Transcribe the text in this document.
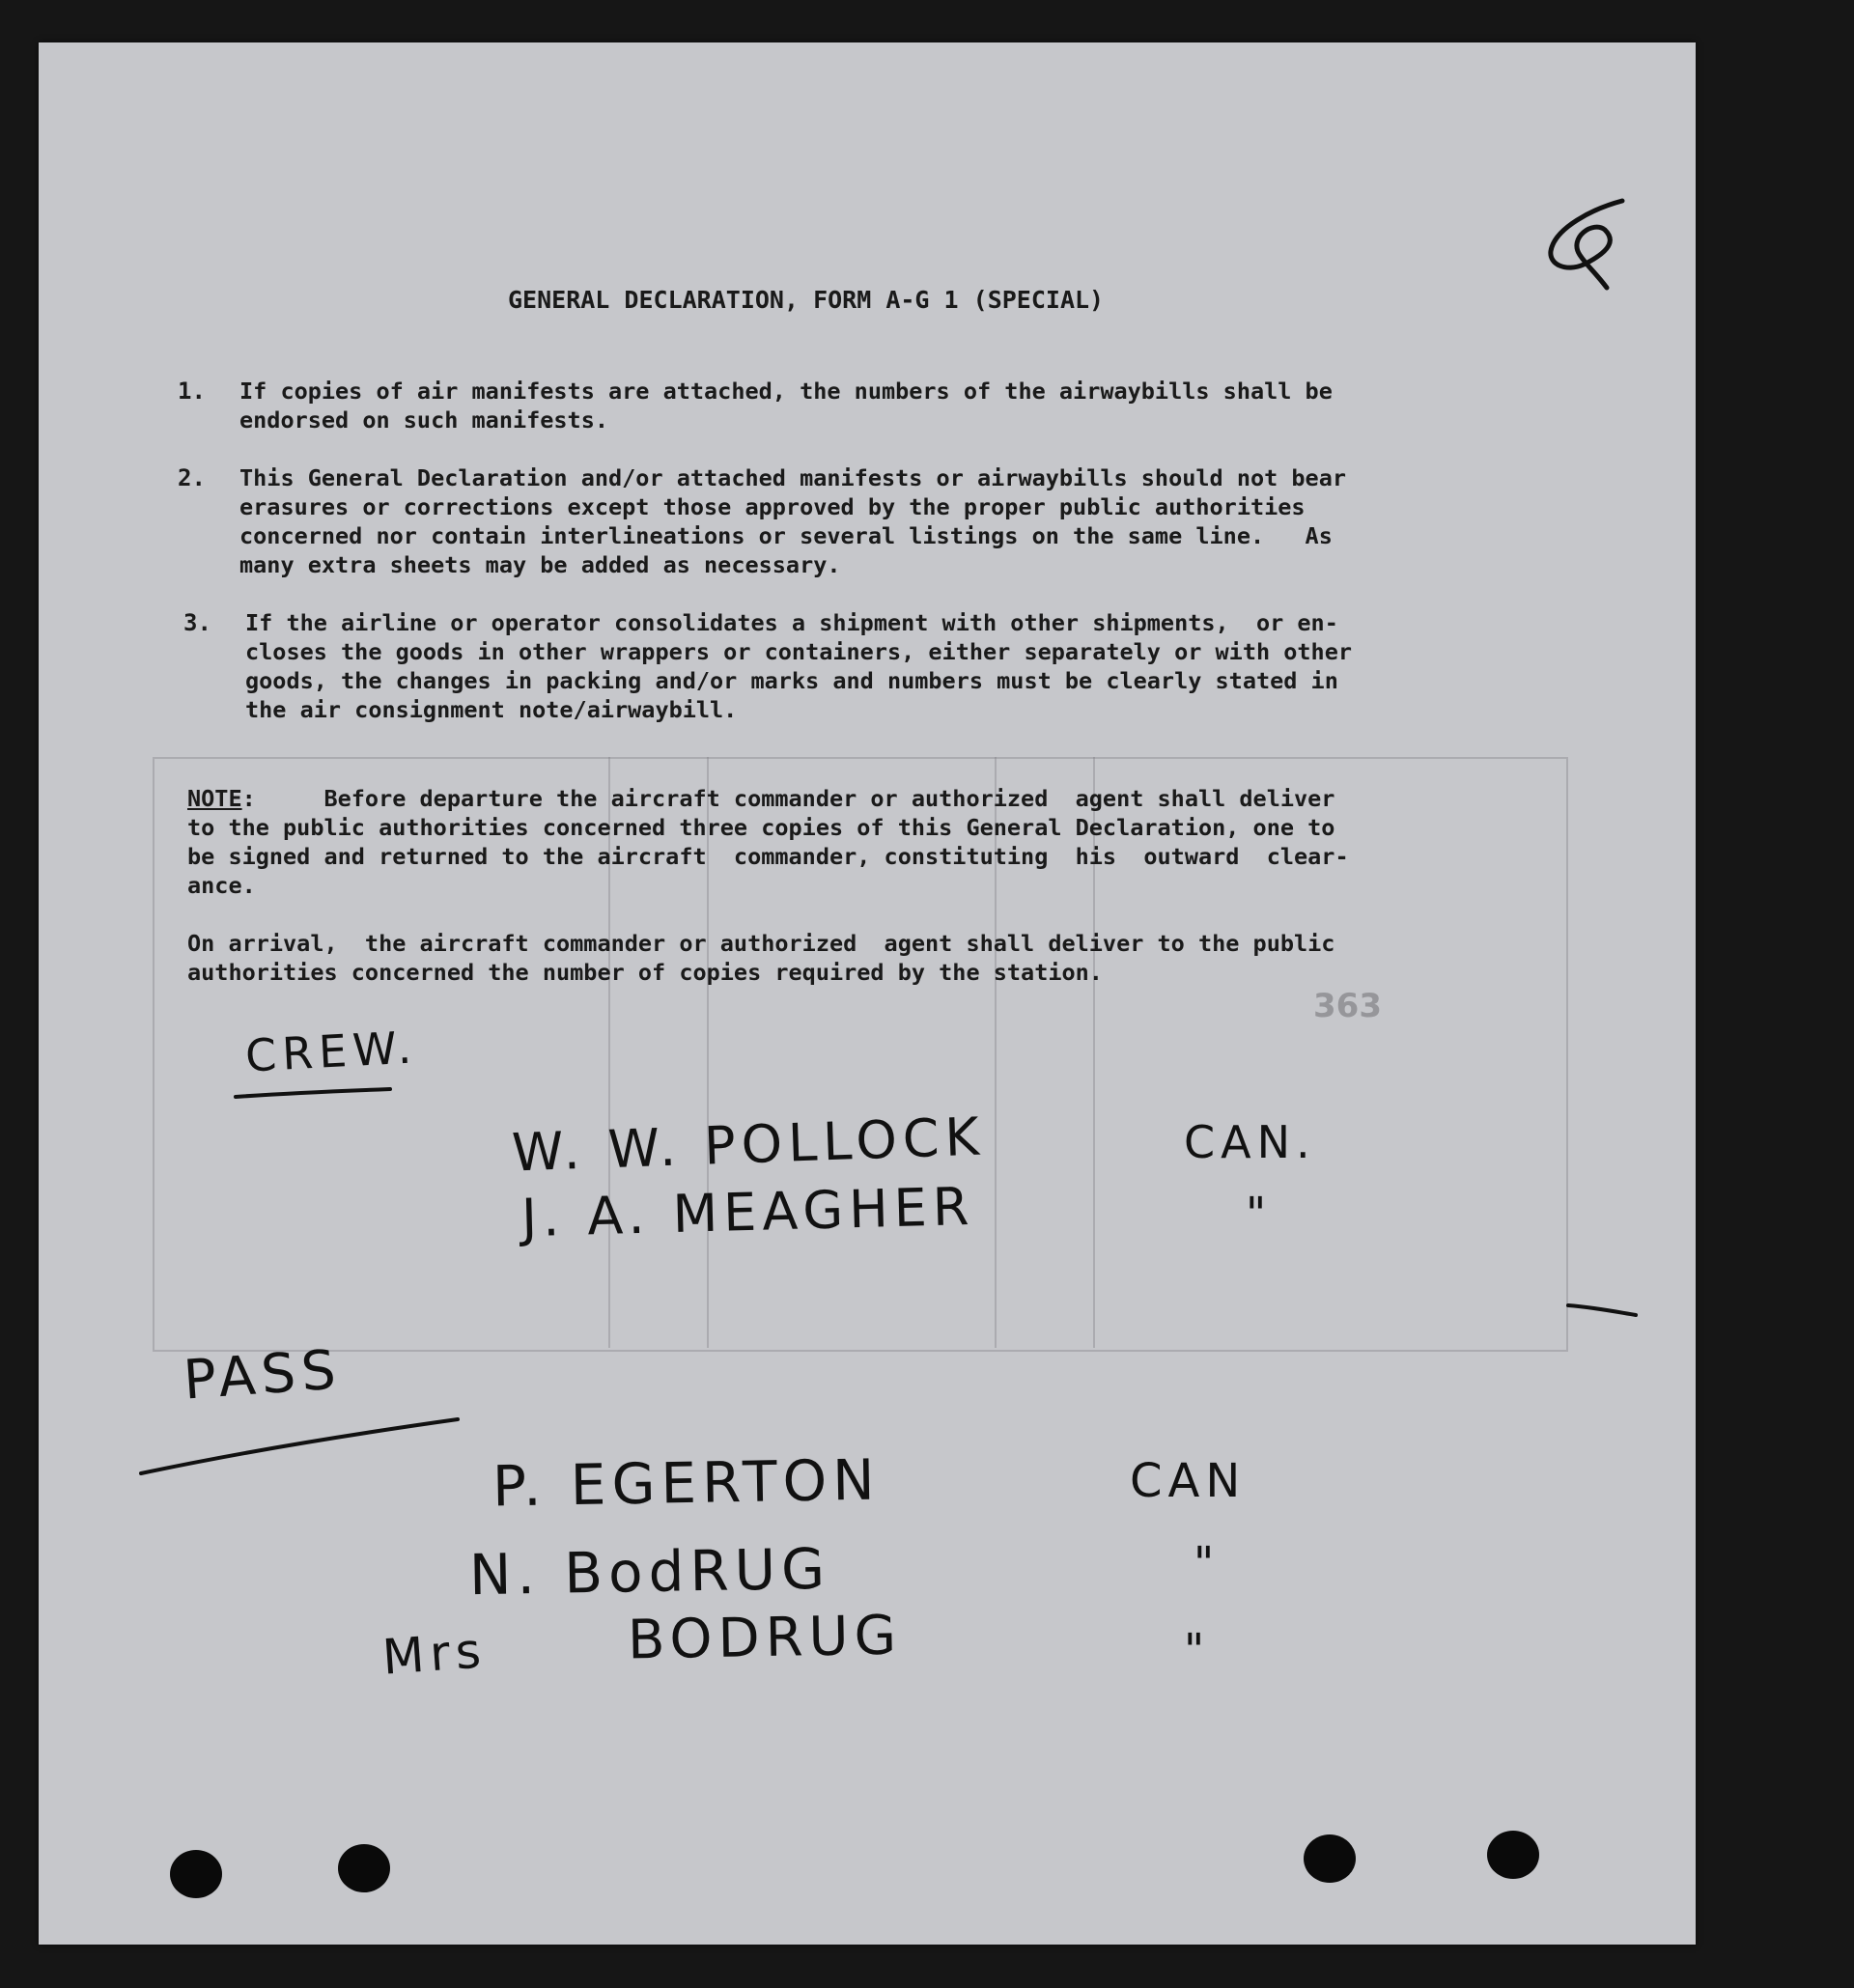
GENERAL DECLARATION, FORM A-G 1 (SPECIAL)
1. If copies of air manifests are attached, the numbers of the airwaybills shall be
endorsed on such manifests.
2. This General Declaration and/or attached manifests or airwaybills should not bear
erasures or corrections except those approved by the proper public authorities
concerned nor contain interlineations or several listings on the same line.   As
many extra sheets may be added as necessary.
3. If the airline or operator consolidates a shipment with other shipments,  or en-
closes the goods in other wrappers or containers, either separately or with other
goods, the changes in packing and/or marks and numbers must be clearly stated in
the air consignment note/airwaybill.
NOTE:     Before departure the aircraft commander or authorized  agent shall deliver
to the public authorities concerned three copies of this General Declaration, one to
be signed and returned to the aircraft  commander, constituting  his  outward  clear-
ance.
On arrival,  the aircraft commander or authorized  agent shall deliver to the public
authorities concerned the number of copies required by the station.
363
CREW.
W. W. POLLOCK	CAN.
J. A. MEAGHER	"
PASS
P. EGERTON	CAN
N. BodRUG	"
Mrs	BODRUG	"
